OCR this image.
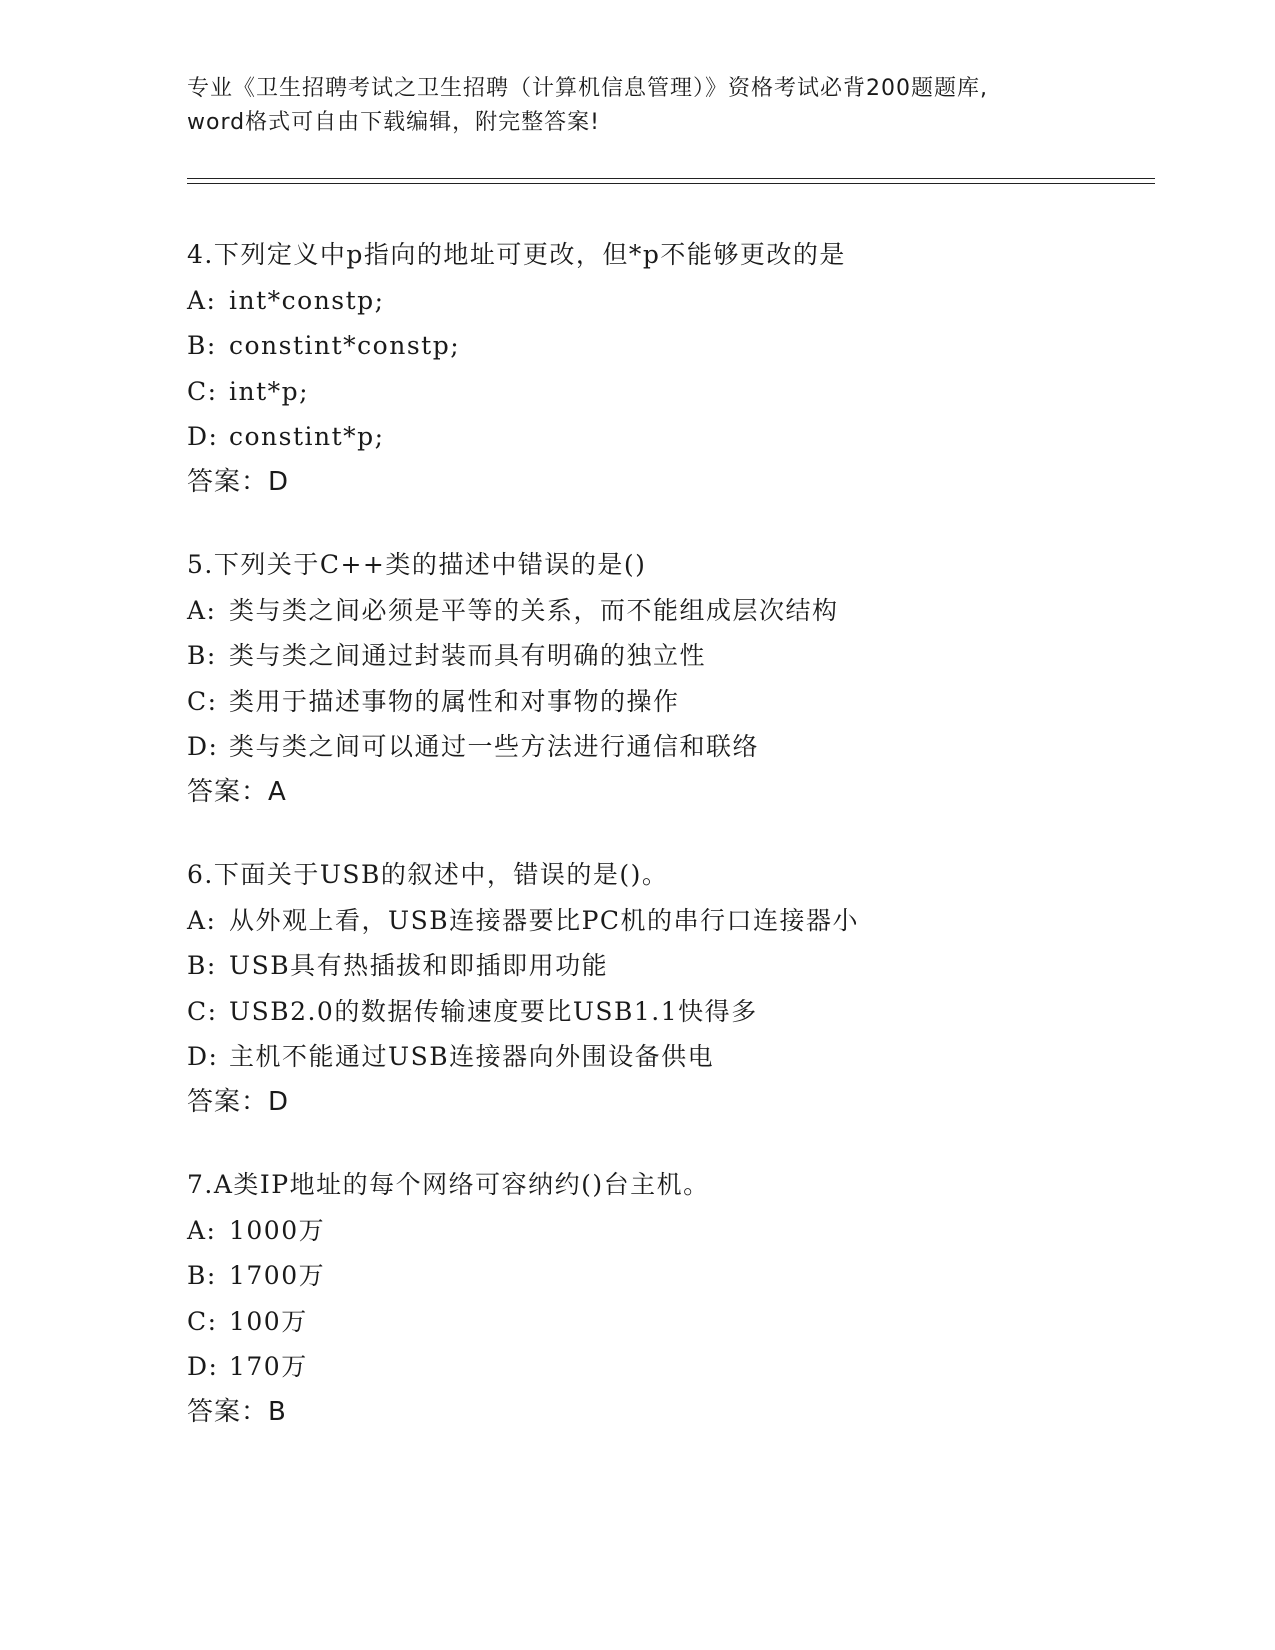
专业《卫生招聘考试之卫生招聘（计算机信息管理）》资格考试必背200题题库,

word格式可自由下载编辑，附完整答案!

4.下列定义中p指向的地址可更改，但*p不能够更改的是
A: int*constp;
B: constint*constp;
C: int*p;
D: constint*p;
答案：D
5.下列关于C++类的描述中错误的是()
A: 类与类之间必须是平等的关系，而不能组成层次结构
B: 类与类之间通过封装而具有明确的独立性
C: 类用于描述事物的属性和对事物的操作
D: 类与类之间可以通过一些方法进行通信和联络
答案：A
6.下面关于USB的叙述中，错误的是()。
A: 从外观上看，USB连接器要比PC机的串行口连接器小
B: USB具有热插拔和即插即用功能
C: USB2.0的数据传输速度要比USB1.1快得多
D: 主机不能通过USB连接器向外围设备供电
答案：D
7.A类IP地址的每个网络可容纳约()台主机。
A: 1000万
B: 1700万
C: 100万
D: 170万
答案：B
